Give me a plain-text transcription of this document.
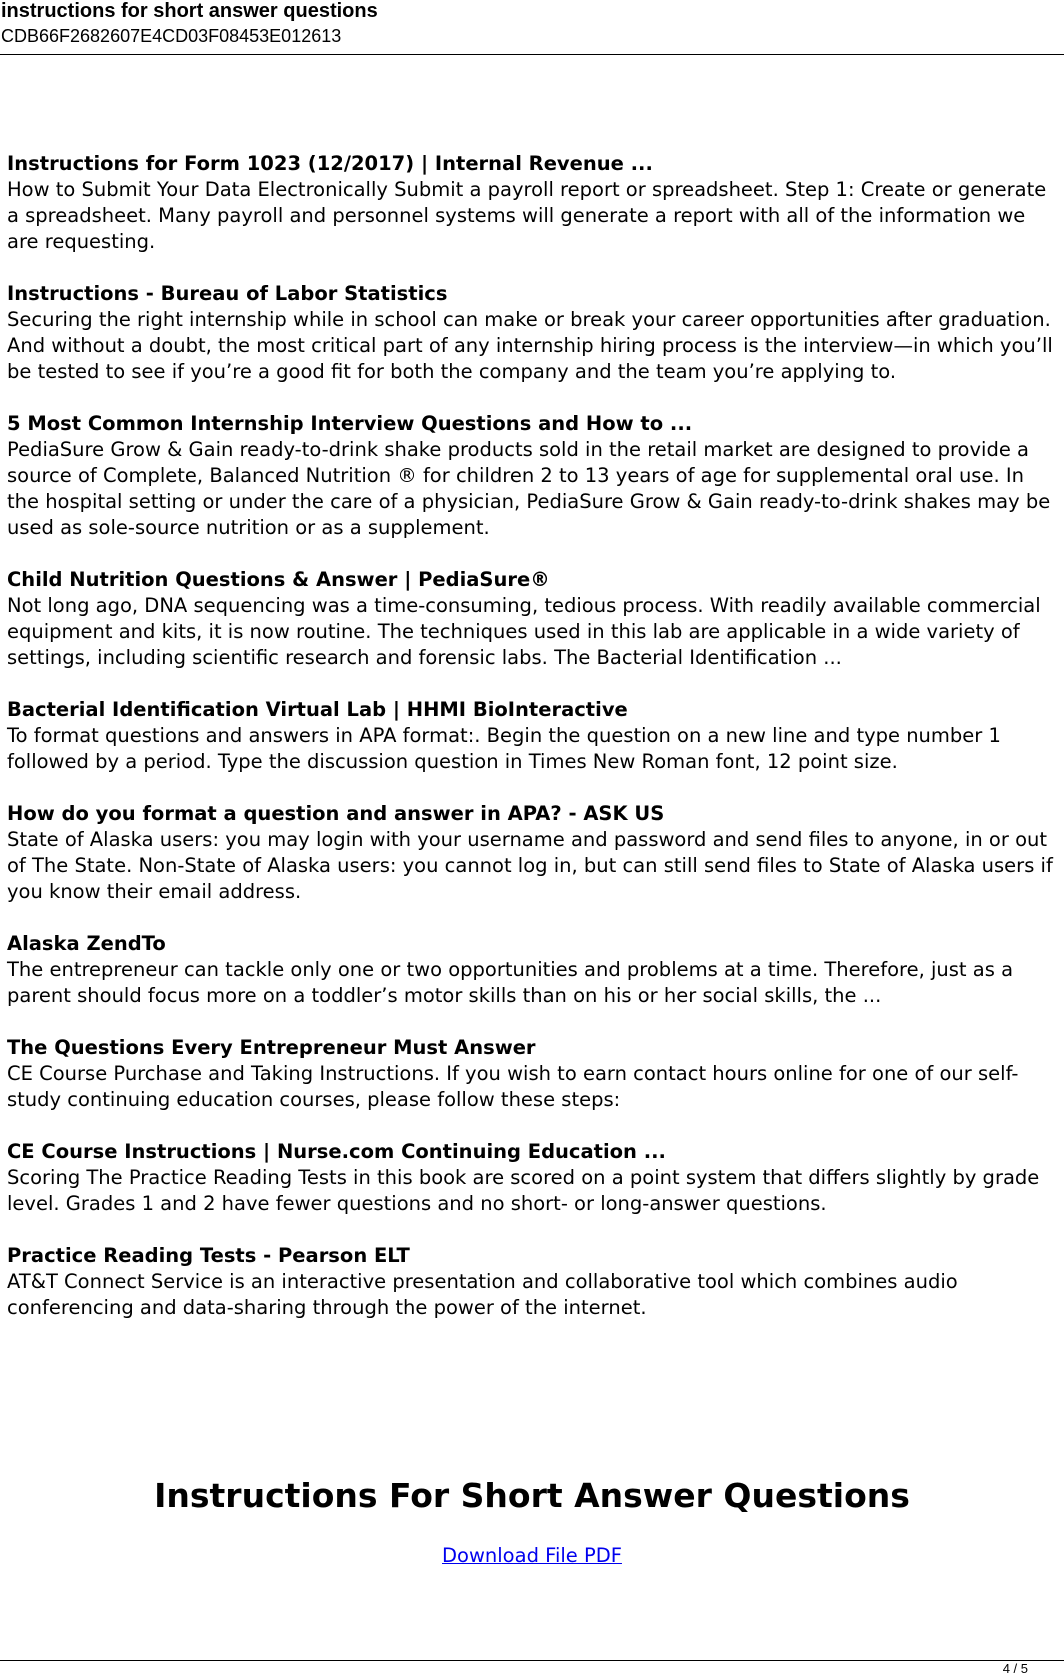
instructions for short answer questions
CDB66F2682607E4CD03F08453E012613
Instructions for Form 1023 (12/2017) | Internal Revenue ...
How to Submit Your Data Electronically Submit a payroll report or spreadsheet. Step 1: Create or generate a spreadsheet. Many payroll and personnel systems will generate a report with all of the information we are requesting.
Instructions - Bureau of Labor Statistics
Securing the right internship while in school can make or break your career opportunities after graduation. And without a doubt, the most critical part of any internship hiring process is the interview—in which you’ll be tested to see if you’re a good fit for both the company and the team you’re applying to.
5 Most Common Internship Interview Questions and How to ...
PediaSure Grow & Gain ready-to-drink shake products sold in the retail market are designed to provide a source of Complete, Balanced Nutrition ® for children 2 to 13 years of age for supplemental oral use. In the hospital setting or under the care of a physician, PediaSure Grow & Gain ready-to-drink shakes may be used as sole-source nutrition or as a supplement.
Child Nutrition Questions & Answer | PediaSure®
Not long ago, DNA sequencing was a time-consuming, tedious process. With readily available commercial equipment and kits, it is now routine. The techniques used in this lab are applicable in a wide variety of settings, including scientific research and forensic labs. The Bacterial Identification ...
Bacterial Identification Virtual Lab | HHMI BioInteractive
To format questions and answers in APA format:. Begin the question on a new line and type number 1 followed by a period. Type the discussion question in Times New Roman font, 12 point size.
How do you format a question and answer in APA? - ASK US
State of Alaska users: you may login with your username and password and send files to anyone, in or out of The State. Non-State of Alaska users: you cannot log in, but can still send files to State of Alaska users if you know their email address.
Alaska ZendTo
The entrepreneur can tackle only one or two opportunities and problems at a time. Therefore, just as a parent should focus more on a toddler’s motor skills than on his or her social skills, the ...
The Questions Every Entrepreneur Must Answer
CE Course Purchase and Taking Instructions. If you wish to earn contact hours online for one of our self-study continuing education courses, please follow these steps:
CE Course Instructions | Nurse.com Continuing Education ...
Scoring The Practice Reading Tests in this book are scored on a point system that differs slightly by grade level. Grades 1 and 2 have fewer questions and no short- or long-answer questions.
Practice Reading Tests - Pearson ELT
AT&T Connect Service is an interactive presentation and collaborative tool which combines audio conferencing and data-sharing through the power of the internet.
Instructions For Short Answer Questions
Download File PDF
4 / 5
